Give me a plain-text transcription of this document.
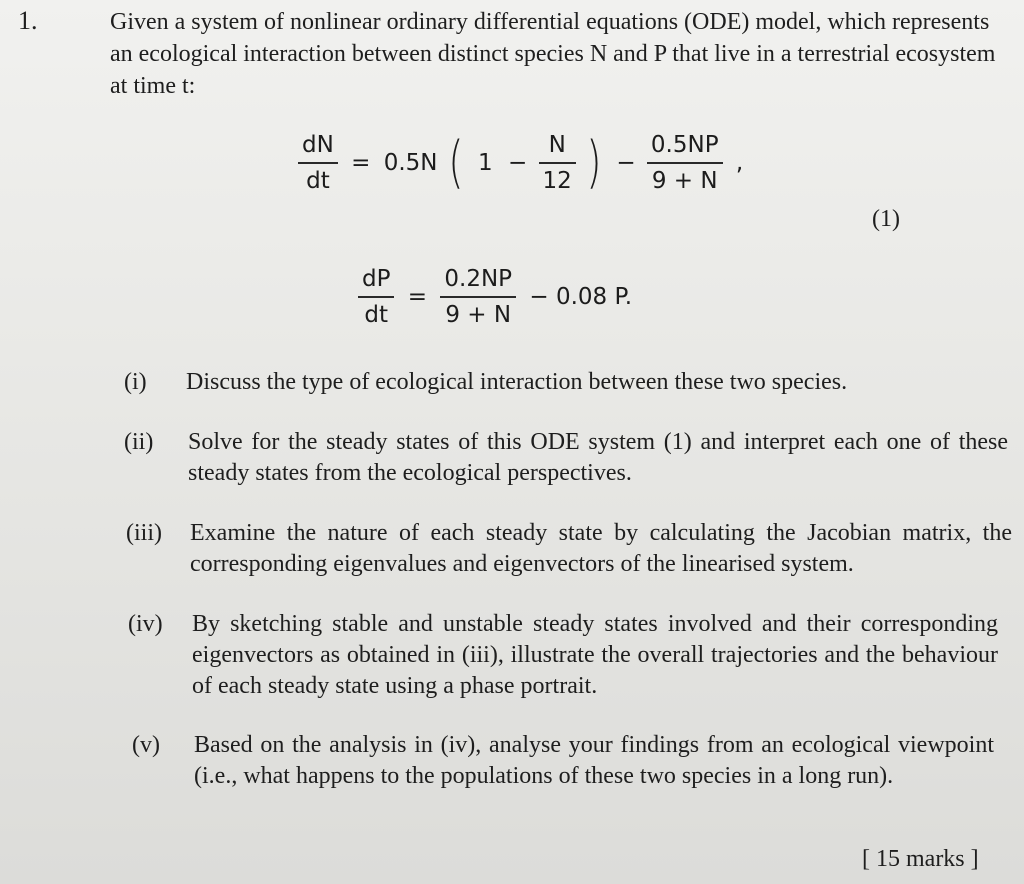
1.	Given a system of nonlinear ordinary differential equations (ODE) model, which represents an ecological interaction between distinct species N and P that live in a terrestrial ecosystem at time t:
$\frac{dN}{dt} = 0.5N$ ( $1 - \frac{N}{12}$ ) − $\frac{0.5NP}{9 + N}$ ,
(1)
$\frac{dP}{dt} = \frac{0.2NP}{9 + N} - 0.08$ P.
(i) Discuss the type of ecological interaction between these two species.
(ii) Solve for the steady states of this ODE system (1) and interpret each one of these steady states from the ecological perspectives.
(iii) Examine the nature of each steady state by calculating the Jacobian matrix, the corresponding eigenvalues and eigenvectors of the linearised system.
(iv) By sketching stable and unstable steady states involved and their corresponding eigenvectors as obtained in (iii), illustrate the overall trajectories and the behaviour of each steady state using a phase portrait.
(v) Based on the analysis in (iv), analyse your findings from an ecological viewpoint (i.e., what happens to the populations of these two species in a long run).
[ 15 marks ]
